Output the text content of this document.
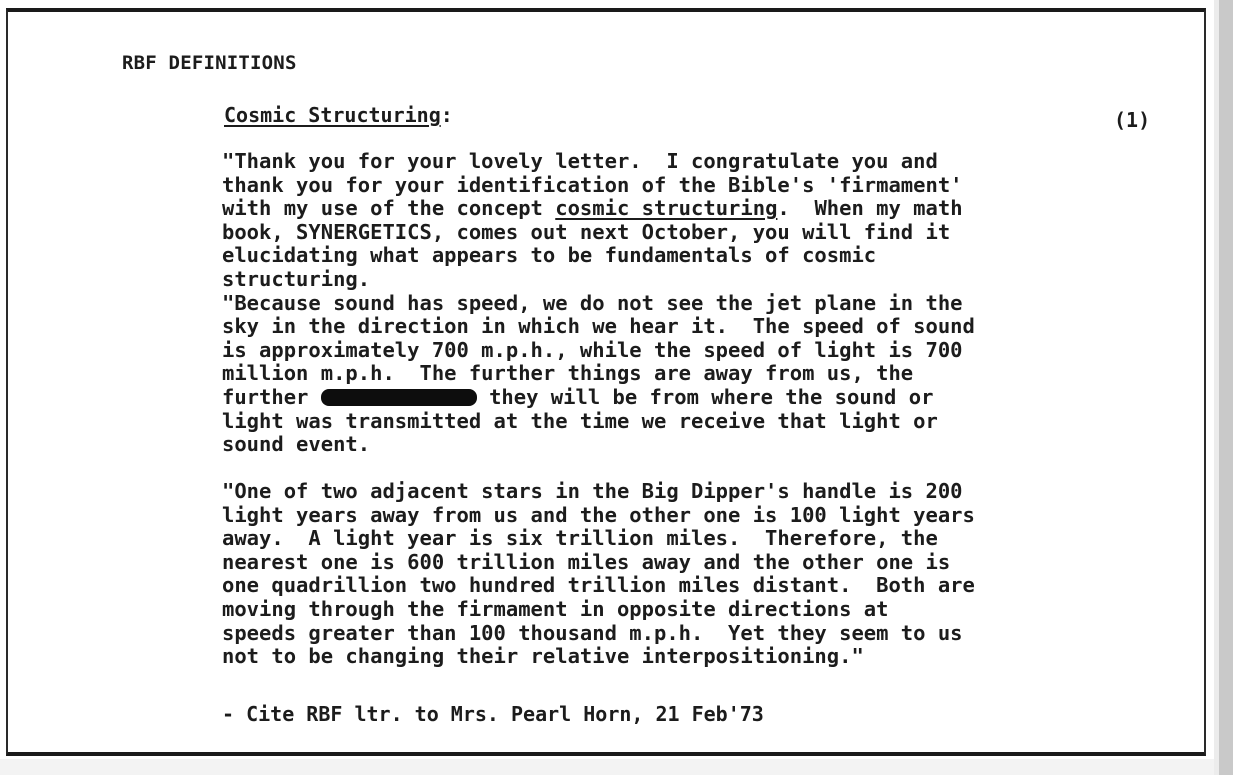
RBF DEFINITIONS
Cosmic Structuring:	(1)
"Thank you for your lovely letter.  I congratulate you and
thank you for your identification of the Bible's 'firmament'
with my use of the concept cosmic structuring.  When my math
book, SYNERGETICS, comes out next October, you will find it
elucidating what appears to be fundamentals of cosmic
structuring.
"Because sound has speed, we do not see the jet plane in the
sky in the direction in which we hear it.  The speed of sound
is approximately 700 m.p.h., while the speed of light is 700
million m.p.h.  The further things are away from us, the
further	they will be from where the sound or
light was transmitted at the time we receive that light or
sound event.
"One of two adjacent stars in the Big Dipper's handle is 200
light years away from us and the other one is 100 light years
away.  A light year is six trillion miles.  Therefore, the
nearest one is 600 trillion miles away and the other one is
one quadrillion two hundred trillion miles distant.  Both are
moving through the firmament in opposite directions at
speeds greater than 100 thousand m.p.h.  Yet they seem to us
not to be changing their relative interpositioning."
- Cite RBF ltr. to Mrs. Pearl Horn, 21 Feb'73
